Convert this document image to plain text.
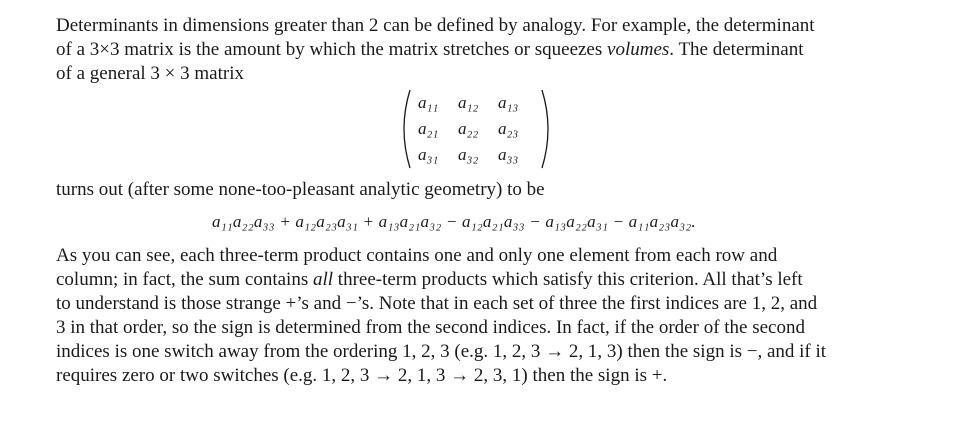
Determinants in dimensions greater than 2 can be defined by analogy. For example, the determinant
of a 3×3 matrix is the amount by which the matrix stretches or squeezes volumes. The determinant
of a general 3 × 3 matrix

a₁₁	a₁₂	a₁₃
a₂₁	a₂₂	a₂₃
a₃₁	a₃₂	a₃₃

turns out (after some none-too-pleasant analytic geometry) to be

a₁₁a₂₂a₃₃ + a₁₂a₂₃a₃₁ + a₁₃a₂₁a₃₂ − a₁₂a₂₁a₃₃ − a₁₃a₂₂a₃₁ − a₁₁a₂₃a₃₂.

As you can see, each three-term product contains one and only one element from each row and
column; in fact, the sum contains all three-term products which satisfy this criterion. All that’s left
to understand is those strange +’s and −’s. Note that in each set of three the first indices are 1, 2, and
3 in that order, so the sign is determined from the second indices. In fact, if the order of the second
indices is one switch away from the ordering 1, 2, 3 (e.g. 1, 2, 3 → 2, 1, 3) then the sign is −, and if it
requires zero or two switches (e.g. 1, 2, 3 → 2, 1, 3 → 2, 3, 1) then the sign is +.
